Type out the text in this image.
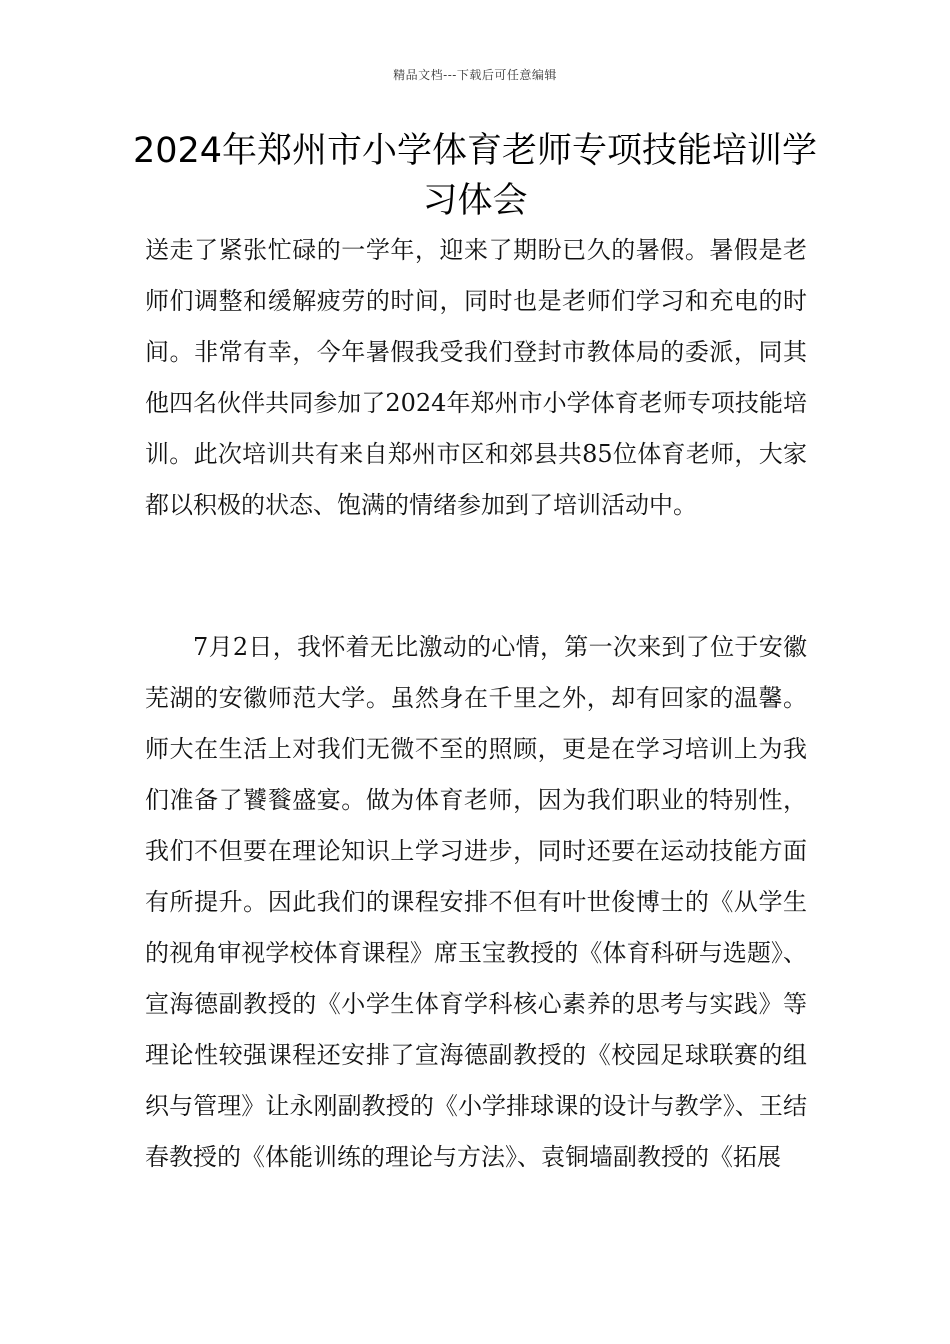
精品文档---下载后可任意编辑
2024年郑州市小学体育老师专项技能培训学习体会

送走了紧张忙碌的一学年，迎来了期盼已久的暑假。暑假是老师们调整和缓解疲劳的时间，同时也是老师们学习和充电的时间。非常有幸，今年暑假我受我们登封市教体局的委派，同其他四名伙伴共同参加了2024年郑州市小学体育老师专项技能培训。此次培训共有来自郑州市区和郊县共85位体育老师，大家都以积极的状态、饱满的情绪参加到了培训活动中。

7月2日，我怀着无比激动的心情，第一次来到了位于安徽芜湖的安徽师范大学。虽然身在千里之外，却有回家的温馨。师大在生活上对我们无微不至的照顾，更是在学习培训上为我们准备了饕餮盛宴。做为体育老师，因为我们职业的特别性，我们不但要在理论知识上学习进步，同时还要在运动技能方面有所提升。因此我们的课程安排不但有叶世俊博士的《从学生的视角审视学校体育课程》席玉宝教授的《体育科研与选题》、宣海德副教授的《小学生体育学科核心素养的思考与实践》等理论性较强课程还安排了宣海德副教授的《校园足球联赛的组织与管理》让永刚副教授的《小学排球课的设计与教学》、王结春教授的《体能训练的理论与方法》、袁铜墙副教授的《拓展
